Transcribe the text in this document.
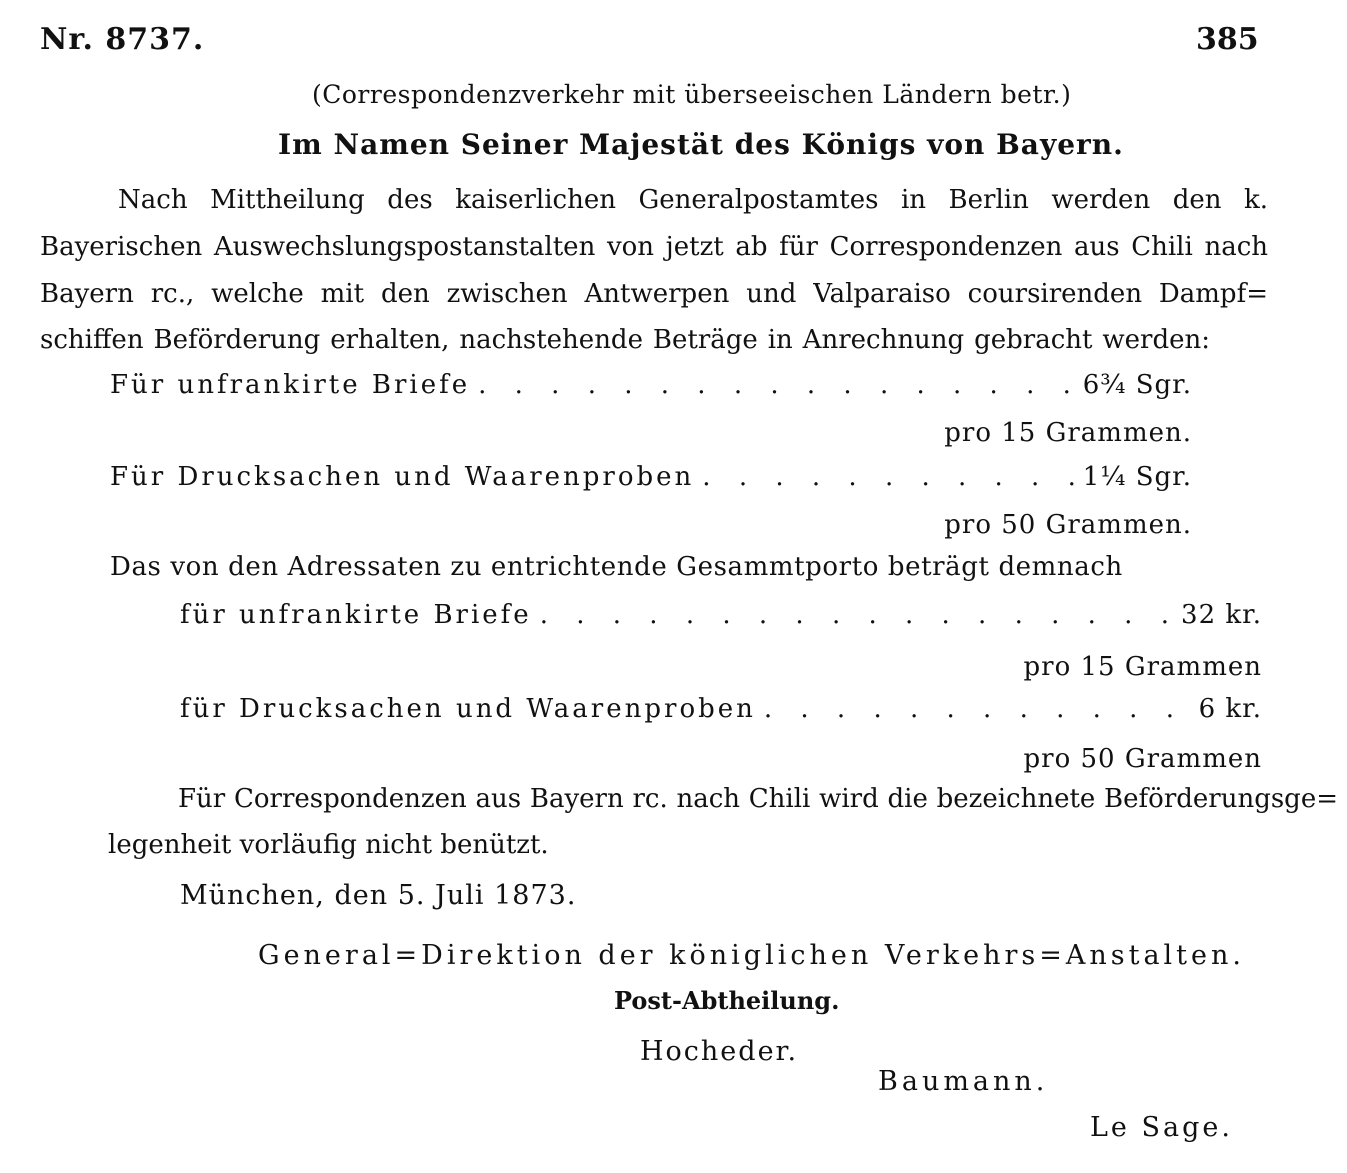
Nr. 8737.	385
(Correspondenzverkehr mit überseeischen Ländern betr.)
Im Namen Seiner Majestät des Königs von Bayern.
Nach Mittheilung des kaiserlichen Generalpostamtes in Berlin werden den k.
Bayerischen Auswechslungspostanstalten von jetzt ab für Correspondenzen aus Chili nach
Bayern rc., welche mit den zwischen Antwerpen und Valparaiso coursirenden Dampf=
schiffen Beförderung erhalten, nachstehende Beträge in Anrechnung gebracht werden:
Für unfrankirte Briefe . . .	6¾ Sgr.
pro 15 Grammen.
Für Drucksachen und Waarenproben . . .	1¼ Sgr.
pro 50 Grammen.
Das von den Adressaten zu entrichtende Gesammtporto beträgt demnach
für unfrankirte Briefe . . .	32 kr.
pro 15 Grammen
für Drucksachen und Waarenproben . . .	6 kr.
pro 50 Grammen
Für Correspondenzen aus Bayern rc. nach Chili wird die bezeichnete Beförderungsge=
legenheit vorläufig nicht benützt.
München, den 5. Juli 1873.
General=Direktion der königlichen Verkehrs=Anstalten.
Post-Abtheilung.
Hocheder.
Baumann.
Le Sage.
